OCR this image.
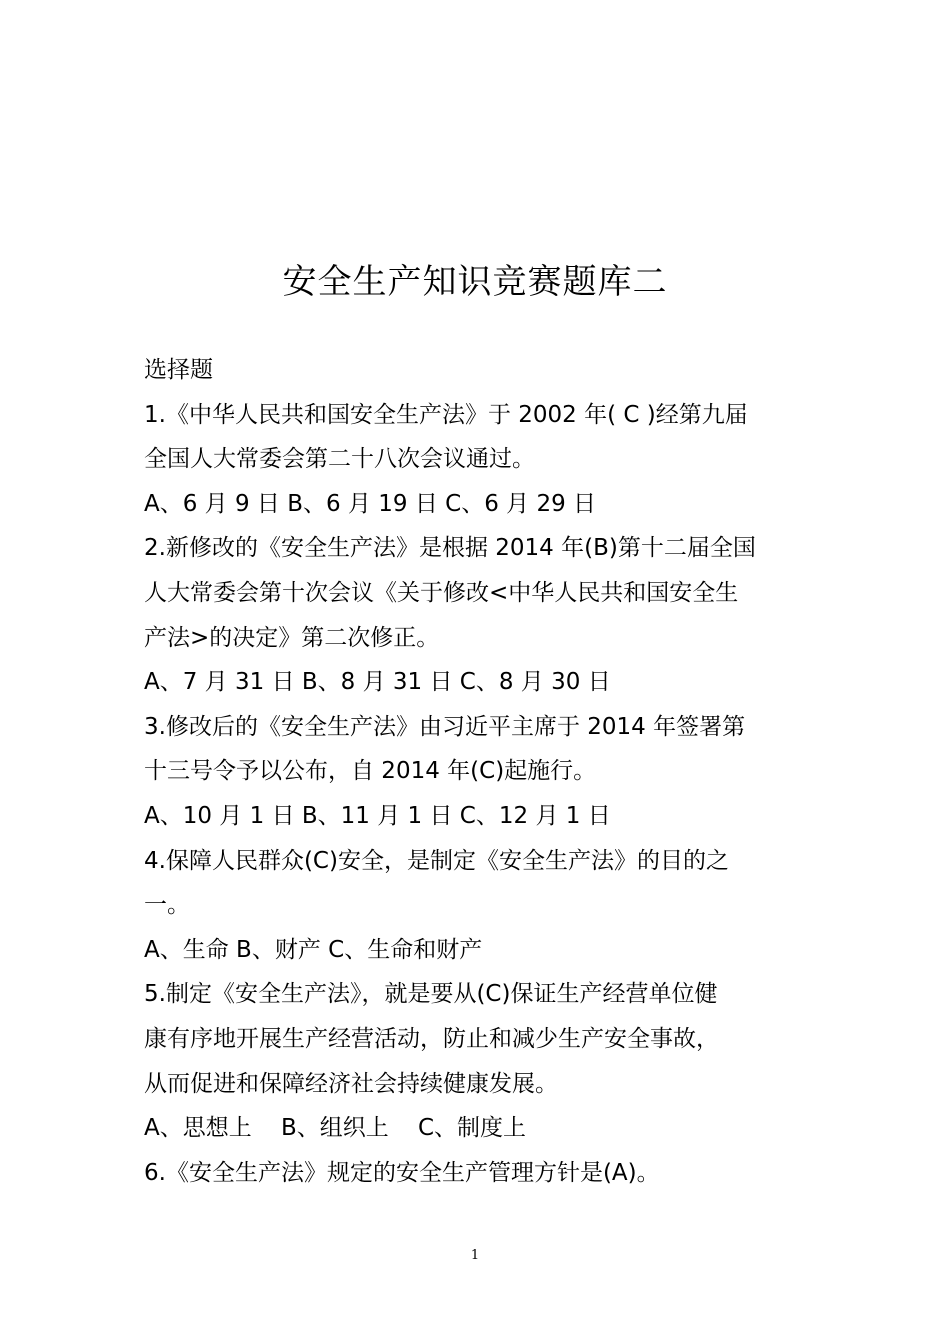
安全生产知识竞赛题库二
选择题
1.《中华人民共和国安全生产法》于 2002 年( C )经第九届
全国人大常委会第二十八次会议通过。
A、6 月 9 日 B、6 月 19 日 C、6 月 29 日
2.新修改的《安全生产法》是根据 2014 年(B)第十二届全国
人大常委会第十次会议《关于修改<中华人民共和国安全生
产法>的决定》第二次修正。
A、7 月 31 日 B、8 月 31 日 C、8 月 30 日
3.修改后的《安全生产法》由习近平主席于 2014 年签署第
十三号令予以公布，自 2014 年(C)起施行。
A、10 月 1 日 B、11 月 1 日 C、12 月 1 日
4.保障人民群众(C)安全，是制定《安全生产法》的目的之
一。
A、生命 B、财产 C、生命和财产
5.制定《安全生产法》，就是要从(C)保证生产经营单位健
康有序地开展生产经营活动，防止和减少生产安全事故，
从而促进和保障经济社会持续健康发展。
A、思想上    B、组织上    C、制度上
6.《安全生产法》规定的安全生产管理方针是(A)。
1
